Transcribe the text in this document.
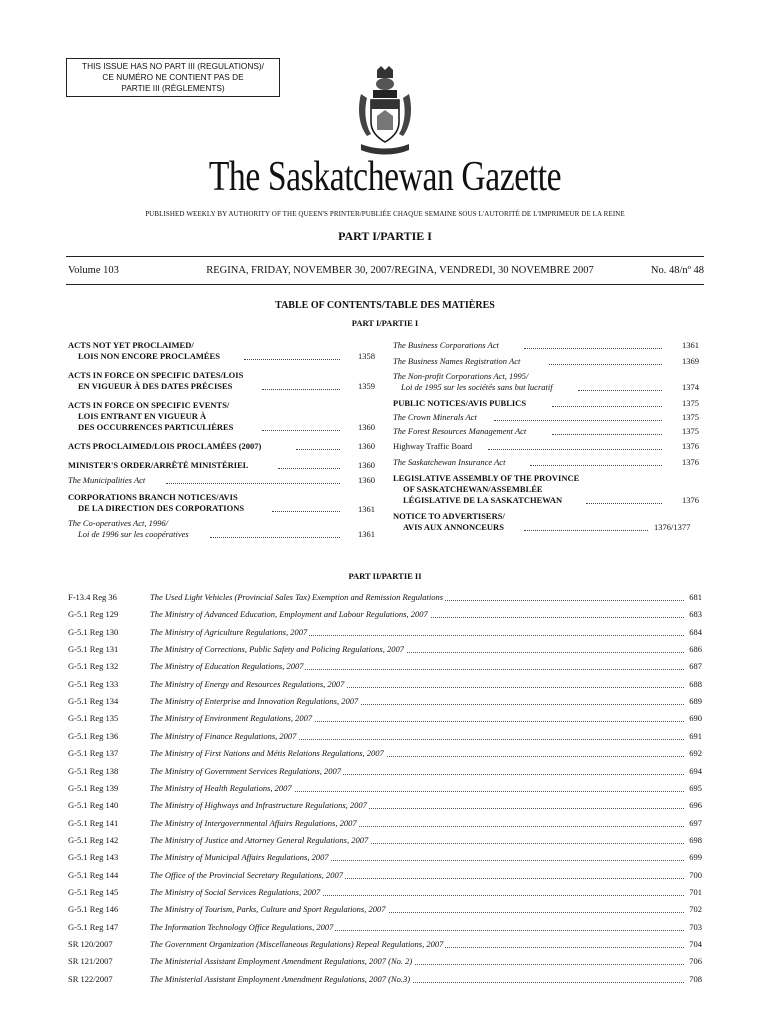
THIS ISSUE HAS NO PART III (REGULATIONS)/
CE NUMÉRO NE CONTIENT PAS DE
PARTIE III (RÈGLEMENTS)
The Saskatchewan Gazette
PUBLISHED WEEKLY BY AUTHORITY OF THE QUEEN'S PRINTER/PUBLIÉE CHAQUE SEMAINE SOUS L'AUTORITÉ DE L'IMPRIMEUR DE LA REINE
PART I/PARTIE I
Volume 103	REGINA, FRIDAY, NOVEMBER 30, 2007/REGINA, VENDREDI, 30 NOVEMBRE 2007	No. 48/nº 48
TABLE OF CONTENTS/TABLE DES MATIÈRES
PART I/PARTIE I
ACTS NOT YET PROCLAIMED/
LOIS NON ENCORE PROCLAMÉES	1358
ACTS IN FORCE ON SPECIFIC DATES/LOIS
EN VIGUEUR À DES DATES PRÉCISES	1359
ACTS IN FORCE ON SPECIFIC EVENTS/
LOIS ENTRANT EN VIGUEUR À
DES OCCURRENCES PARTICULIÈRES	1360
ACTS PROCLAIMED/LOIS PROCLAMÉES (2007)	1360
MINISTER'S ORDER/ARRÊTÉ MINISTÉRIEL	1360
The Municipalities Act	1360
CORPORATIONS BRANCH NOTICES/AVIS
DE LA DIRECTION DES CORPORATIONS	1361
The Co-operatives Act, 1996/
Loi de 1996 sur les coopératives	1361
The Business Corporations Act	1361
The Business Names Registration Act	1369
The Non-profit Corporations Act, 1995/
Loi de 1995 sur les sociétés sans but lucratif	1374
PUBLIC NOTICES/AVIS PUBLICS	1375
The Crown Minerals Act	1375
The Forest Resources Management Act	1375
Highway Traffic Board	1376
The Saskatchewan Insurance Act	1376
LEGISLATIVE ASSEMBLY OF THE PROVINCE
OF SASKATCHEWAN/ASSEMBLÉE
LÉGISLATIVE DE LA SASKATCHEWAN	1376
NOTICE TO ADVERTISERS/
AVIS AUX ANNONCEURS	1376/1377
PART II/PARTIE II
F-13.4 Reg 36	The Used Light Vehicles (Provincial Sales Tax) Exemption and Remission Regulations	681
G-5.1 Reg 129	The Ministry of Advanced Education, Employment and Labour Regulations, 2007	683
G-5.1 Reg 130	The Ministry of Agriculture Regulations, 2007	684
G-5.1 Reg 131	The Ministry of Corrections, Public Safety and Policing Regulations, 2007	686
G-5.1 Reg 132	The Ministry of Education Regulations, 2007	687
G-5.1 Reg 133	The Ministry of Energy and Resources Regulations, 2007	688
G-5.1 Reg 134	The Ministry of Enterprise and Innovation Regulations, 2007	689
G-5.1 Reg 135	The Ministry of Environment Regulations, 2007	690
G-5.1 Reg 136	The Ministry of Finance Regulations, 2007	691
G-5.1 Reg 137	The Ministry of First Nations and Métis Relations Regulations, 2007	692
G-5.1 Reg 138	The Ministry of Government Services Regulations, 2007	694
G-5.1 Reg 139	The Ministry of Health Regulations, 2007	695
G-5.1 Reg 140	The Ministry of Highways and Infrastructure Regulations, 2007	696
G-5.1 Reg 141	The Ministry of Intergovernmental Affairs Regulations, 2007	697
G-5.1 Reg 142	The Ministry of Justice and Attorney General Regulations, 2007	698
G-5.1 Reg 143	The Ministry of Municipal Affairs Regulations, 2007	699
G-5.1 Reg 144	The Office of the Provincial Secretary Regulations, 2007	700
G-5.1 Reg 145	The Ministry of Social Services Regulations, 2007	701
G-5.1 Reg 146	The Ministry of Tourism, Parks, Culture and Sport Regulations, 2007	702
G-5.1 Reg 147	The Information Technology Office Regulations, 2007	703
SR 120/2007	The Government Organization (Miscellaneous Regulations) Repeal Regulations, 2007	704
SR 121/2007	The Ministerial Assistant Employment Amendment Regulations, 2007 (No. 2)	706
SR 122/2007	The Ministerial Assistant Employment Amendment Regulations, 2007 (No.3)	708
